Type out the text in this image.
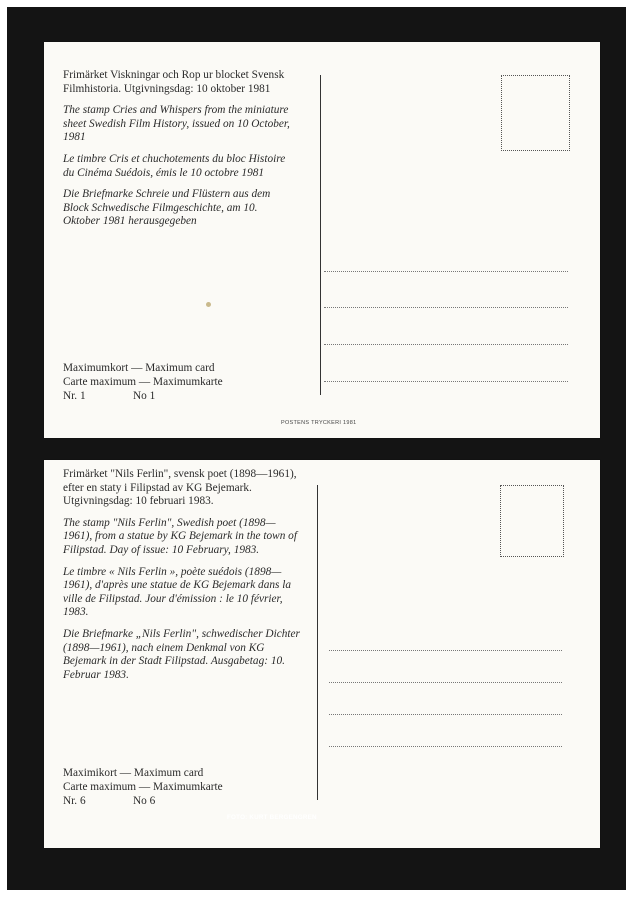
Frimärket Viskningar och Rop ur blocket Svensk Filmhistoria. Utgivningsdag: 10 oktober 1981

The stamp Cries and Whispers from the miniature sheet Swedish Film History, issued on 10 October, 1981

Le timbre Cris et chuchotements du bloc Histoire du Cinéma Suédois, émis le 10 octobre 1981

Die Briefmarke Schreie und Flüstern aus dem Block Schwedische Filmgeschichte, am 10. Oktober 1981 herausgegeben

Maximumkort — Maximum card
Carte maximum — Maximumkarte
Nr. 1	No 1
POSTENS TRYCKERI 1981

Frimärket "Nils Ferlin", svensk poet (1898—1961), efter en staty i Filipstad av KG Bejemark. Utgivningsdag: 10 februari 1983.

The stamp "Nils Ferlin", Swedish poet (1898—1961), from a statue by KG Bejemark in the town of Filipstad. Day of issue: 10 February, 1983.

Le timbre « Nils Ferlin », poète suédois (1898—1961), d'après une statue de KG Bejemark dans la ville de Filipstad. Jour d'émission : le 10 février, 1983.

Die Briefmarke „Nils Ferlin", schwedischer Dichter (1898—1961), nach einem Denkmal von KG Bejemark in der Stadt Filipstad. Ausgabetag: 10. Februar 1983.

Maximikort — Maximum card
Carte maximum — Maximumkarte
Nr. 6	No 6
FOTO: KURT BERGENGREN
